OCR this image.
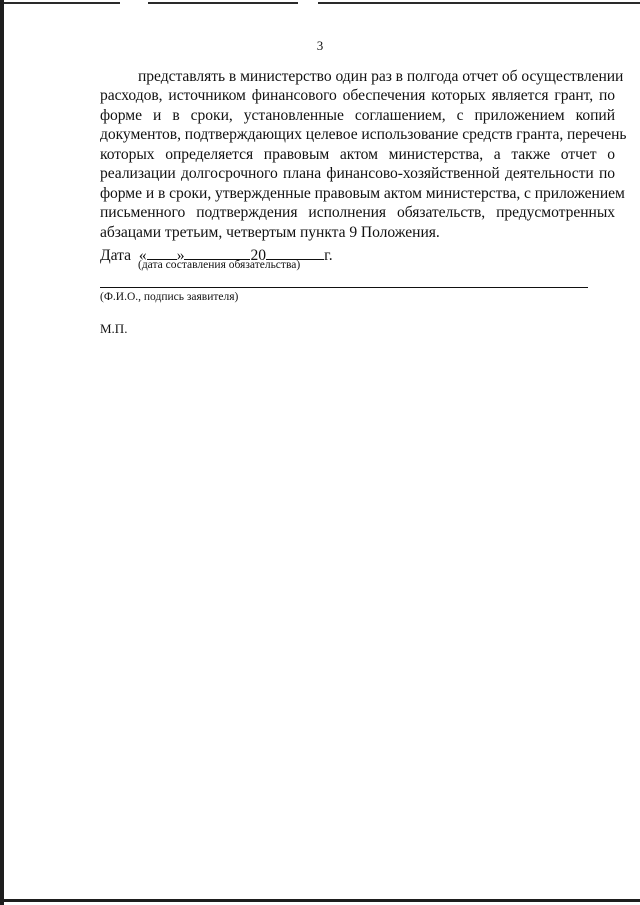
3
представлять в министерство один раз в полгода отчет об осуществлении
расходов, источником финансового обеспечения которых является грант, по
форме и в сроки, установленные соглашением, с приложением копий
документов, подтверждающих целевое использование средств гранта, перечень
которых определяется правовым актом министерства, а также отчет о
реализации долгосрочного плана финансово-хозяйственной деятельности по
форме и в сроки, утвержденные правовым актом министерства, с приложением
письменного подтверждения исполнения обязательств, предусмотренных
абзацами третьим, четвертым пункта 9 Положения.
Дата « »	20	г.
(дата составления обязательства)
(Ф.И.О., подпись заявителя)
М.П.
